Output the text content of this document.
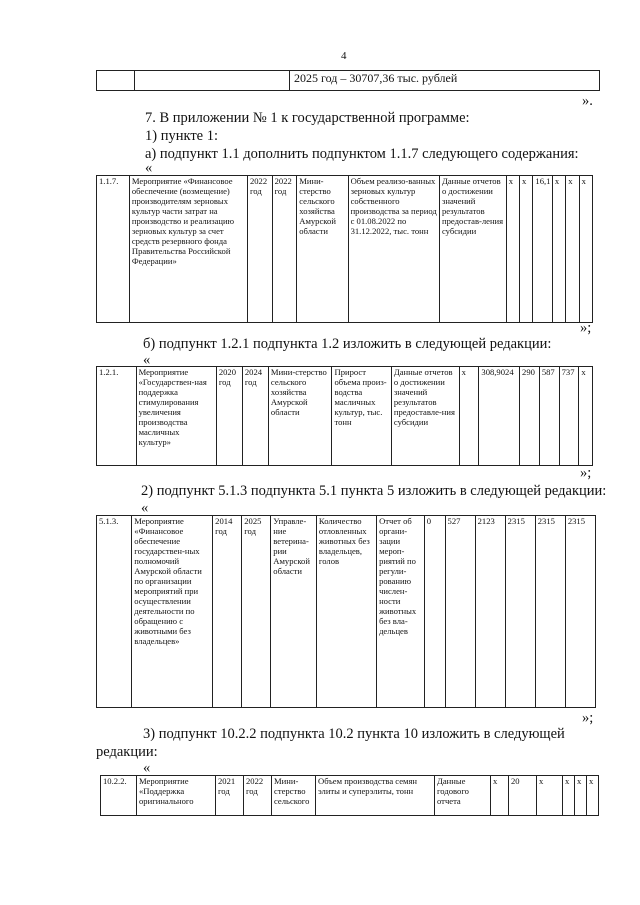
4
		2025 год – 30707,36 тыс. рублей
».
7. В приложении № 1 к государственной программе:
1) пункте 1:
а) подпункт 1.1 дополнить подпунктом 1.1.7 следующего содержания:
«
1.1.7.	Мероприятие «Финансовое обеспечение (возмещение) производителям зерновых культур части затрат на производство и реализацию зерновых культур за счет средств резервного фонда Правительства Российской Федерации»	2022 год	2022 год	Мини-стерство сельского хозяйства Амурской области	Объем реализо-ванных зерновых культур собственного производства за период с 01.08.2022 по 31.12.2022, тыс. тонн	Данные отчетов о достижении значений результатов предостав-ления субсидии	x	x	16,1	x	x	x
»;
б) подпункт 1.2.1 подпункта 1.2 изложить в следующей редакции:
«
1.2.1.	Мероприятие «Государствен-ная поддержка стимулирования увеличения производства масличных культур»	2020 год	2024 год	Мини-стерство сельского хозяйства Амурской области	Прирост объема произ-водства масличных культур, тыс. тонн	Данные отчетов о достижении значений результатов предоставле-ния субсидии	x	308,9024	290	587	737	x
»;
2) подпункт 5.1.3 подпункта 5.1 пункта 5 изложить в следующей редакции:
«
5.1.3.	Мероприятие «Финансовое обеспечение государствен-ных полномочий Амурской области по организации мероприятий при осуществлении деятельности по обращению с животными без владельцев»	2014 год	2025 год	Управле-ние ветерина-рии Амурской области	Количество отловленных животных без владельцев, голов	Отчет об органи-зации мероп-риятий по регули-рованию числен-ности животных без вла-дельцев	0	527	2123	2315	2315	2315
»;
3) подпункт 10.2.2 подпункта 10.2 пункта 10 изложить в следующей
редакции:
«
10.2.2.	Мероприятие «Поддержка оригинального	2021 год	2022 год	Мини-стерство сельского	Объем производства семян элиты и суперэлиты, тонн	Данные годового отчета	x	20	x	x	x	x
